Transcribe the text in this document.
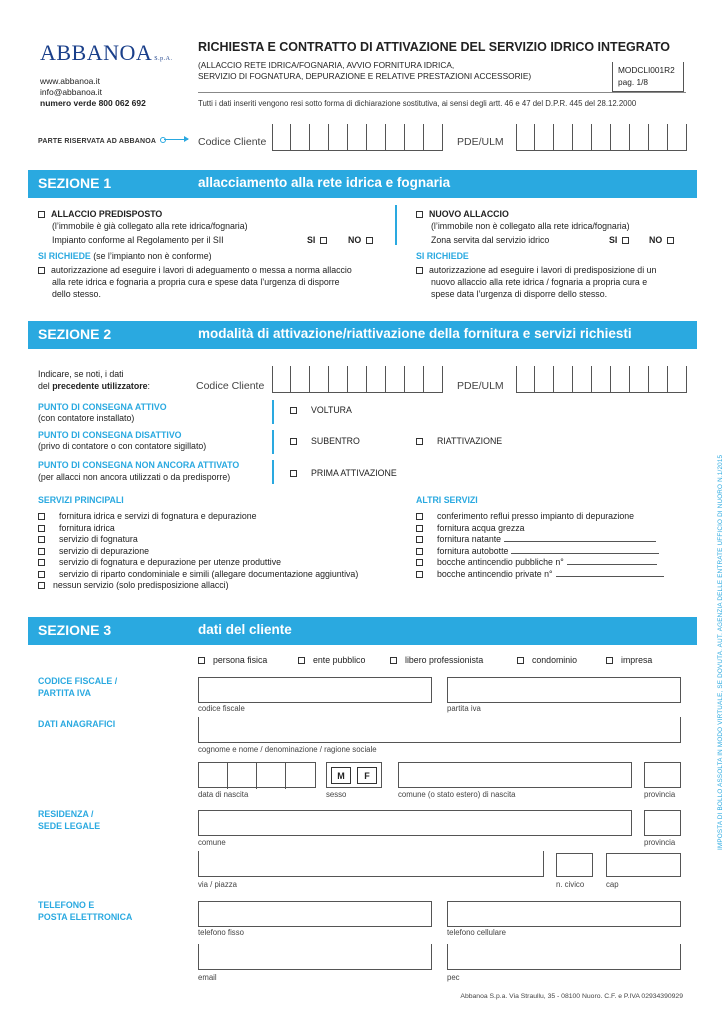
ABBANOA S.p.A.
www.abbanoa.it
info@abbanoa.it
numero verde 800 062 692
RICHIESTA E CONTRATTO DI ATTIVAZIONE DEL SERVIZIO IDRICO INTEGRATO
(ALLACCIO RETE IDRICA/FOGNARIA, AVVIO FORNITURA IDRICA,
SERVIZIO DI FOGNATURA, DEPURAZIONE E RELATIVE PRESTAZIONI ACCESSORIE)
MODCLI001R2
pag. 1/8
Tutti i dati inseriti vengono resi sotto forma di dichiarazione sostitutiva, ai sensi degli artt. 46 e 47 del D.P.R. 445 del 28.12.2000
PARTE RISERVATA AD ABBANOA	Codice Cliente	PDE/ULM
SEZIONE 1	allacciamento alla rete idrica e fognaria
ALLACCIO PREDISPOSTO
(l’immobile è già collegato alla rete idrica/fognaria)
Impianto conforme al Regolamento per il SII	SI	NO
SI RICHIEDE (se l’impianto non è conforme)
autorizzazione ad eseguire i lavori di adeguamento o messa a norma allaccio
alla rete idrica e fognaria a propria cura e spese data l’urgenza di disporre
dello stesso.
NUOVO ALLACCIO
(l’immobile non è collegato alla rete idrica/fognaria)
Zona servita dal servizio idrico	SI	NO
SI RICHIEDE
autorizzazione ad eseguire i lavori di predisposizione di un
nuovo allaccio alla rete idrica / fognaria a propria cura e
spese data l’urgenza di disporre dello stesso.
SEZIONE 2	modalità di attivazione/riattivazione della fornitura e servizi richiesti
Indicare, se noti, i dati
del precedente utilizzatore:	Codice Cliente	PDE/ULM
PUNTO DI CONSEGNA ATTIVO
(con contatore installato)
VOLTURA
PUNTO DI CONSEGNA DISATTIVO
(privo di contatore o con contatore sigillato)	SUBENTRO	RIATTIVAZIONE
PUNTO DI CONSEGNA NON ANCORA ATTIVATO
(per allacci non ancora utilizzati o da predisporre)	PRIMA ATTIVAZIONE
SERVIZI PRINCIPALI
fornitura idrica e servizi di fognatura e depurazione
fornitura idrica
servizio di fognatura
servizio di depurazione
servizio di fognatura e depurazione per utenze produttive
servizio di riparto condominiale e simili (allegare documentazione aggiuntiva)
nessun servizio (solo predisposizione allacci)
ALTRI SERVIZI
conferimento reflui presso impianto di depurazione
fornitura acqua grezza
fornitura natante
fornitura autobotte
bocche antincendio pubbliche n°
bocche antincendio private n°
SEZIONE 3	dati del cliente
persona fisica	ente pubblico	libero professionista	condominio	impresa
CODICE FISCALE /
PARTITA IVA
codice fiscale	partita iva
DATI ANAGRAFICI
cognome e nome / denominazione / ragione sociale
data di nascita
M	F
sesso	comune (o stato estero) di nascita	provincia
RESIDENZA /
SEDE LEGALE
comune	provincia
via / piazza	n. civico	cap
TELEFONO E
POSTA ELETTRONICA
telefono fisso	telefono cellulare
email	pec
Abbanoa S.p.a. Via Straullu, 35 - 08100 Nuoro. C.F. e P.IVA 02934390929
IMPOSTA DI BOLLO ASSOLTA IN MODO VIRTUALE, SE DOVUTA. AUT. AGENZIA DELLE ENTRATE UFFICIO DI NUORO N.1/2015
